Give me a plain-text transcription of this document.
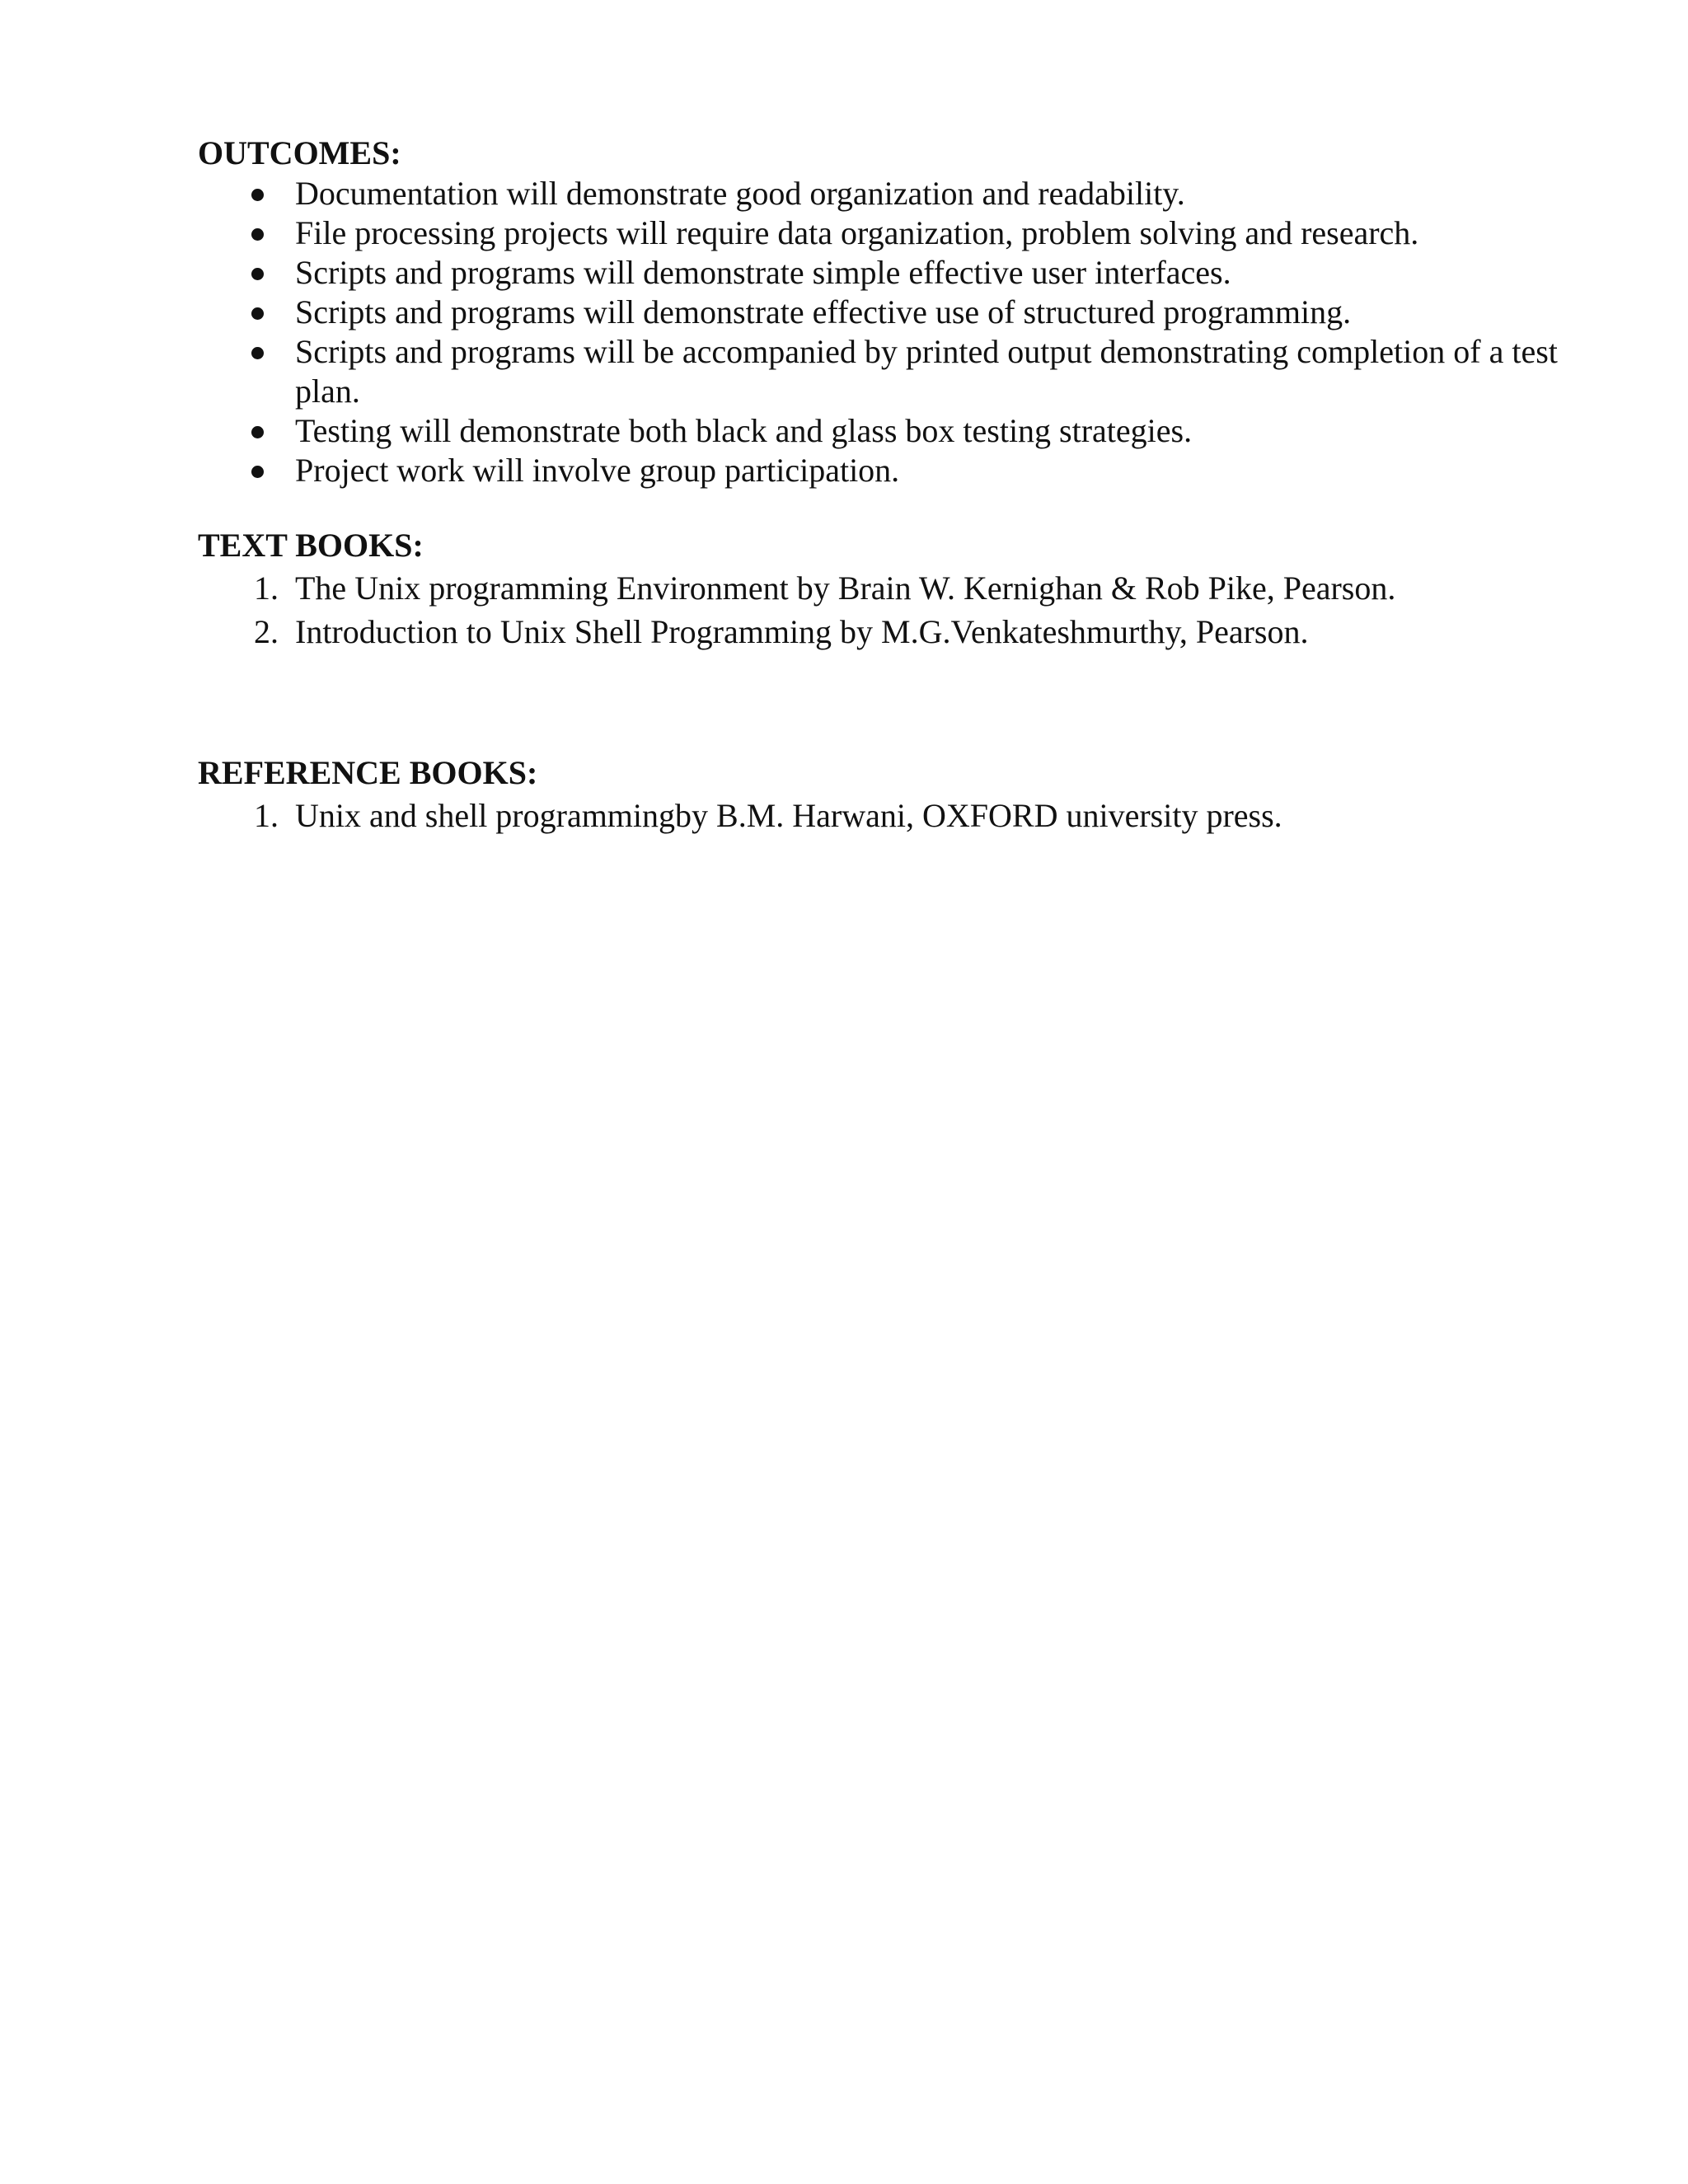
OUTCOMES:
Documentation will demonstrate good organization and readability.
File processing projects will require data organization, problem solving and research.
Scripts and programs will demonstrate simple effective user interfaces.
Scripts and programs will demonstrate effective use of structured programming.
Scripts and programs will be accompanied by printed output demonstrating completion of a test plan.
Testing will demonstrate both black and glass box testing strategies.
Project work will involve group participation.
TEXT BOOKS:
1. The Unix programming Environment by Brain W. Kernighan & Rob Pike, Pearson.
2. Introduction to Unix Shell Programming by M.G.Venkateshmurthy, Pearson.
REFERENCE BOOKS:
1. Unix and shell programmingby B.M. Harwani, OXFORD university press.
